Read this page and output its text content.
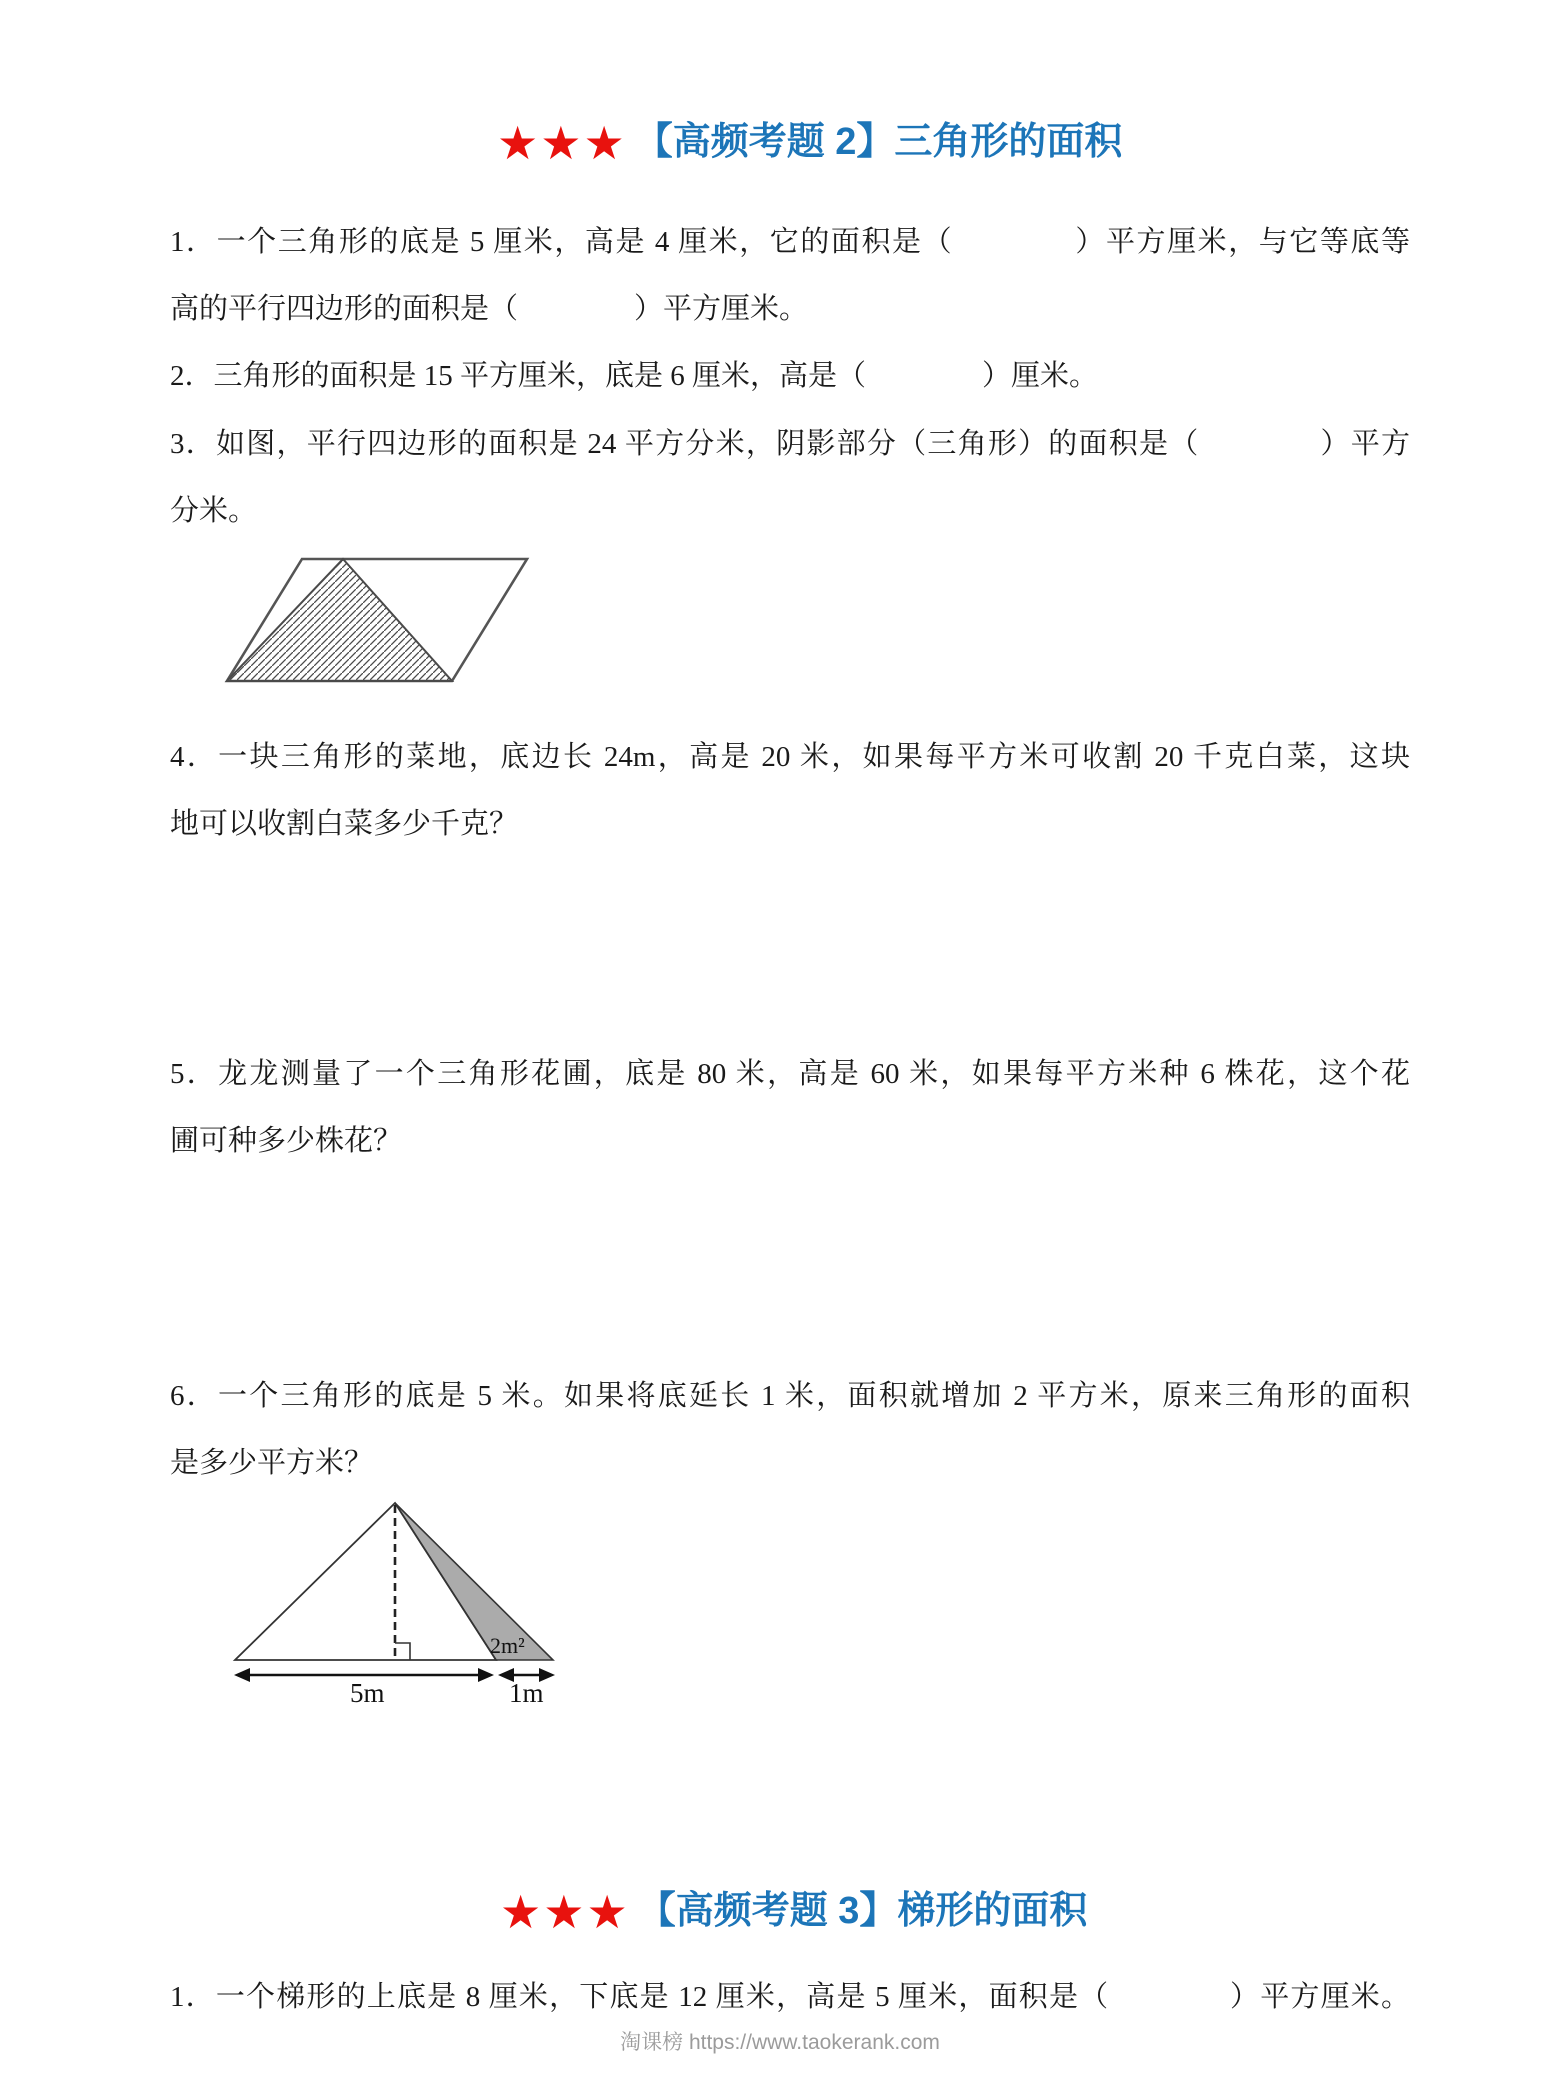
★★★ 【高频考题 2】三角形的面积
1．一个三角形的底是 5 厘米，高是 4 厘米，它的面积是（　　　　）平方厘米，与它等底等
高的平行四边形的面积是（　　　　）平方厘米。
2．三角形的面积是 15 平方厘米，底是 6 厘米，高是（　　　　）厘米。
3．如图，平行四边形的面积是 24 平方分米，阴影部分（三角形）的面积是（　　　　）平方
分米。
4．一块三角形的菜地，底边长 24m，高是 20 米，如果每平方米可收割 20 千克白菜，这块
地可以收割白菜多少千克？
5．龙龙测量了一个三角形花圃，底是 80 米，高是 60 米，如果每平方米种 6 株花，这个花
圃可种多少株花？
6．一个三角形的底是 5 米。如果将底延长 1 米，面积就增加 2 平方米，原来三角形的面积
是多少平方米？
5m	1m
2m²
★★★ 【高频考题 3】梯形的面积
1．一个梯形的上底是 8 厘米，下底是 12 厘米，高是 5 厘米，面积是（　　　　）平方厘米。
淘课榜 https://www.taokerank.com
